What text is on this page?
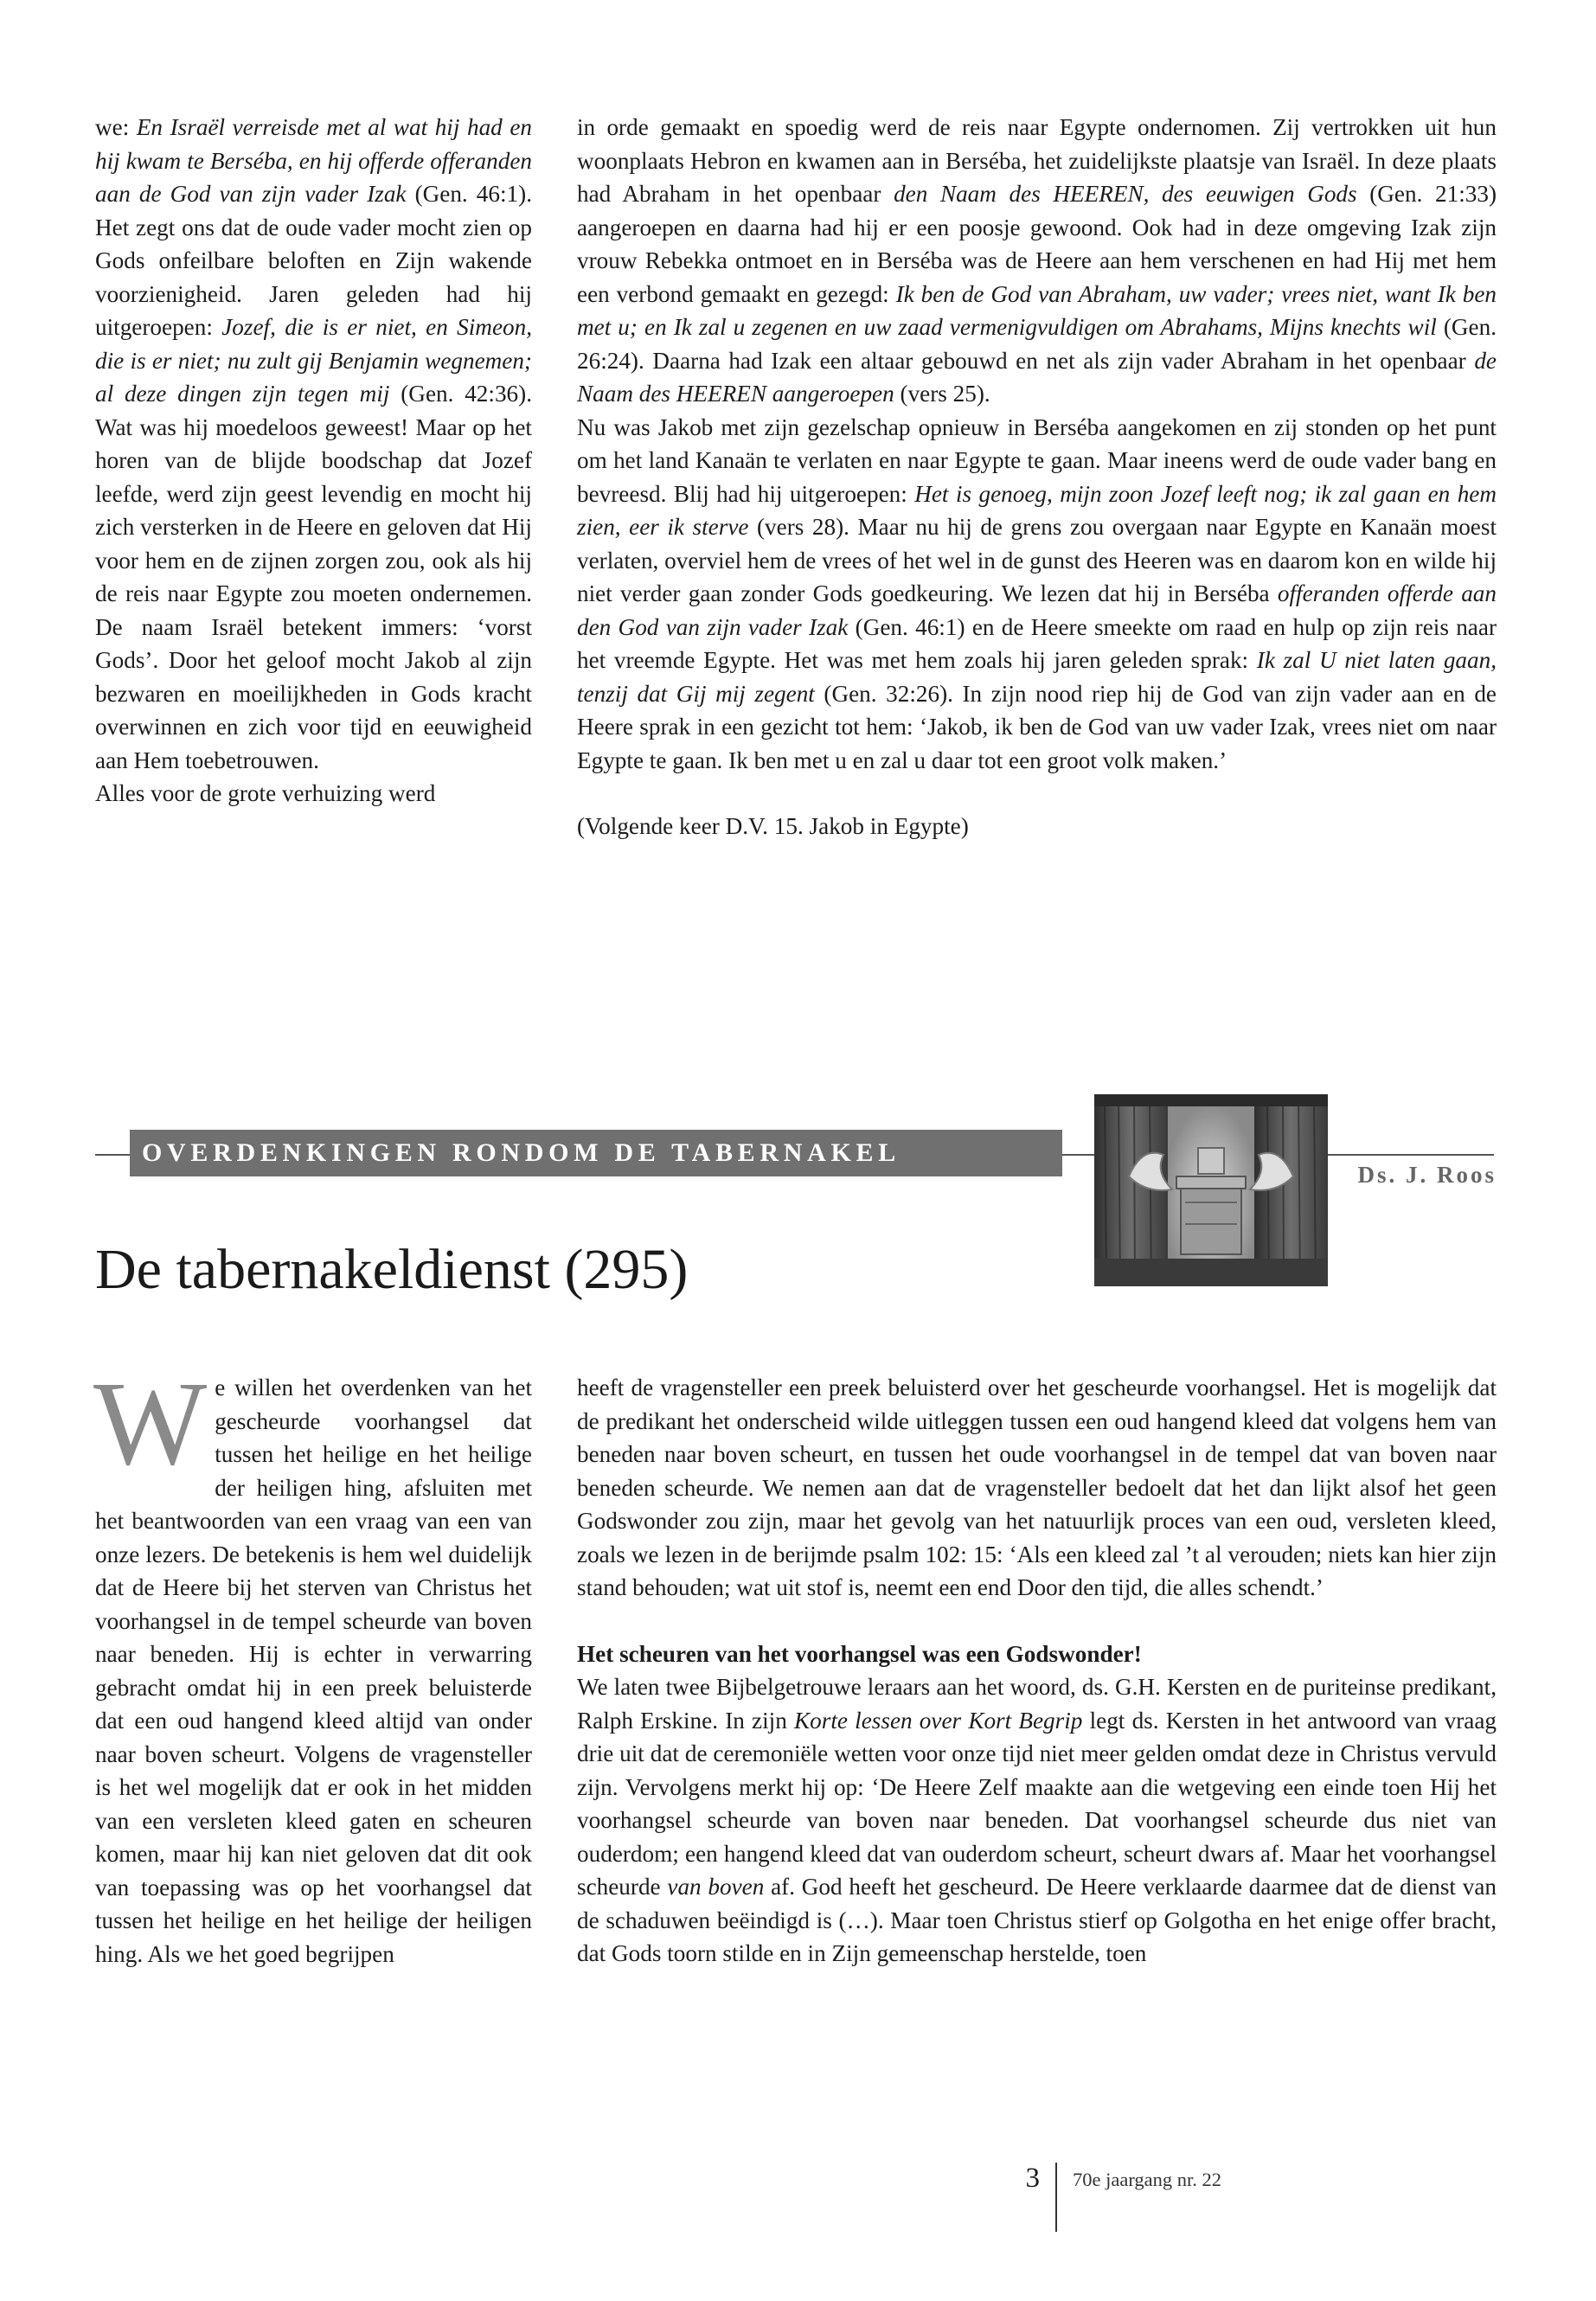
we: En Israël verreisde met al wat hij had en hij kwam te Berséba, en hij offerde offeranden aan de God van zijn vader Izak (Gen. 46:1). Het zegt ons dat de oude vader mocht zien op Gods onfeilbare beloften en Zijn wakende voorzienigheid. Jaren geleden had hij uitgeroepen: Jozef, die is er niet, en Simeon, die is er niet; nu zult gij Benjamin wegnemen; al deze dingen zijn tegen mij (Gen. 42:36). Wat was hij moedeloos geweest! Maar op het horen van de blijde boodschap dat Jozef leefde, werd zijn geest levendig en mocht hij zich versterken in de Heere en geloven dat Hij voor hem en de zijnen zorgen zou, ook als hij de reis naar Egypte zou moeten ondernemen. De naam Israël betekent immers: ‘vorst Gods’. Door het geloof mocht Jakob al zijn bezwaren en moeilijkheden in Gods kracht overwinnen en zich voor tijd en eeuwigheid aan Hem toebetrouwen.

Alles voor de grote verhuizing werd

in orde gemaakt en spoedig werd de reis naar Egypte ondernomen. Zij vertrokken uit hun woonplaats Hebron en kwamen aan in Berséba, het zuidelijkste plaatsje van Israël. In deze plaats had Abraham in het openbaar den Naam des HEEREN, des eeuwigen Gods (Gen. 21:33) aangeroepen en daarna had hij er een poosje gewoond. Ook had in deze omgeving Izak zijn vrouw Rebekka ontmoet en in Berséba was de Heere aan hem verschenen en had Hij met hem een verbond gemaakt en gezegd: Ik ben de God van Abraham, uw vader; vrees niet, want Ik ben met u; en Ik zal u zegenen en uw zaad vermenigvuldigen om Abrahams, Mijns knechts wil (Gen. 26:24). Daarna had Izak een altaar gebouwd en net als zijn vader Abraham in het openbaar de Naam des HEEREN aangeroepen (vers 25).

Nu was Jakob met zijn gezelschap opnieuw in Berséba aangekomen en zij stonden op het punt om het land Kanaän te verlaten en naar Egypte te gaan. Maar ineens werd de oude vader bang en bevreesd. Blij had hij uitgeroepen: Het is genoeg, mijn zoon Jozef leeft nog; ik zal gaan en hem zien, eer ik sterve (vers 28). Maar nu hij de grens zou overgaan naar Egypte en Kanaän moest verlaten, overviel hem de vrees of het wel in de gunst des Heeren was en daarom kon en wilde hij niet verder gaan zonder Gods goedkeuring. We lezen dat hij in Berséba offeranden offerde aan den God van zijn vader Izak (Gen. 46:1) en de Heere smeekte om raad en hulp op zijn reis naar het vreemde Egypte. Het was met hem zoals hij jaren geleden sprak: Ik zal U niet laten gaan, tenzij dat Gij mij zegent (Gen. 32:26). In zijn nood riep hij de God van zijn vader aan en de Heere sprak in een gezicht tot hem: ‘Jakob, ik ben de God van uw vader Izak, vrees niet om naar Egypte te gaan. Ik ben met u en zal u daar tot een groot volk maken.’

(Volgende keer D.V. 15. Jakob in Egypte)

OVERDENKINGEN RONDOM DE TABERNAKEL
Ds. J. Roos
De tabernakeldienst (295)
W e willen het overdenken van het gescheurde voorhangsel dat tussen het heilige en het heilige der heiligen hing, afsluiten met het beantwoorden van een vraag van een van onze lezers. De betekenis is hem wel duidelijk dat de Heere bij het sterven van Christus het voorhangsel in de tempel scheurde van boven naar beneden. Hij is echter in verwarring gebracht omdat hij in een preek beluisterde dat een oud hangend kleed altijd van onder naar boven scheurt. Volgens de vragensteller is het wel mogelijk dat er ook in het midden van een versleten kleed gaten en scheuren komen, maar hij kan niet geloven dat dit ook van toepassing was op het voorhangsel dat tussen het heilige en het heilige der heiligen hing. Als we het goed begrijpen

heeft de vragensteller een preek beluisterd over het gescheurde voorhangsel. Het is mogelijk dat de predikant het onderscheid wilde uitleggen tussen een oud hangend kleed dat volgens hem van beneden naar boven scheurt, en tussen het oude voorhangsel in de tempel dat van boven naar beneden scheurde. We nemen aan dat de vragensteller bedoelt dat het dan lijkt alsof het geen Godswonder zou zijn, maar het gevolg van het natuurlijk proces van een oud, versleten kleed, zoals we lezen in de berijmde psalm 102: 15: ‘Als een kleed zal ’t al verouden; niets kan hier zijn stand behouden; wat uit stof is, neemt een end Door den tijd, die alles schendt.’

Het scheuren van het voorhangsel was een Godswonder!

We laten twee Bijbelgetrouwe leraars aan het woord, ds. G.H. Kersten en de puriteinse predikant, Ralph Erskine. In zijn Korte lessen over Kort Begrip legt ds. Kersten in het antwoord van vraag drie uit dat de ceremoniële wetten voor onze tijd niet meer gelden omdat deze in Christus vervuld zijn. Vervolgens merkt hij op: ‘De Heere Zelf maakte aan die wetgeving een einde toen Hij het voorhangsel scheurde van boven naar beneden. Dat voorhangsel scheurde dus niet van ouderdom; een hangend kleed dat van ouderdom scheurt, scheurt dwars af. Maar het voorhangsel scheurde van boven af. God heeft het gescheurd. De Heere verklaarde daarmee dat de dienst van de schaduwen beëindigd is (…). Maar toen Christus stierf op Golgotha en het enige offer bracht, dat Gods toorn stilde en in Zijn gemeenschap herstelde, toen

3 70e jaargang nr. 22
